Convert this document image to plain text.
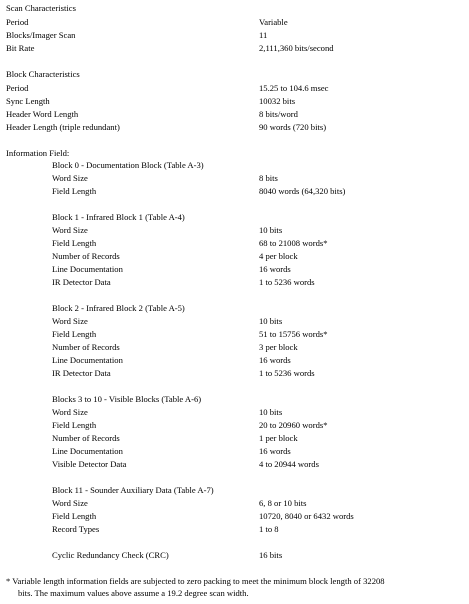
Scan Characteristics
Period	Variable
Blocks/Imager Scan	11
Bit Rate	2,111,360 bits/second
Block Characteristics
Period	15.25 to 104.6 msec
Sync Length	10032 bits
Header Word Length	8 bits/word
Header Length (triple redundant)	90 words (720 bits)
Information Field:
Block 0 - Documentation Block (Table A-3)
Word Size	8 bits
Field Length	8040 words (64,320 bits)
Block 1 - Infrared Block 1 (Table A-4)
Word Size	10 bits
Field Length	68 to 21008 words*
Number of Records	4 per block
Line Documentation	16 words
IR Detector Data	1 to 5236 words
Block 2 - Infrared Block 2 (Table A-5)
Word Size	10 bits
Field Length	51 to 15756 words*
Number of Records	3 per block
Line Documentation	16 words
IR Detector Data	1 to 5236 words
Blocks 3 to 10 - Visible Blocks (Table A-6)
Word Size	10 bits
Field Length	20 to 20960 words*
Number of Records	1 per block
Line Documentation	16 words
Visible Detector Data	4 to 20944 words
Block 11 - Sounder Auxiliary Data (Table A-7)
Word Size	6, 8 or 10 bits
Field Length	10720, 8040 or 6432 words
Record Types	1 to 8
Cyclic Redundancy Check (CRC)	16 bits
* Variable length information fields are subjected to zero packing to meet the minimum block length of 32208
bits. The maximum values above assume a 19.2 degree scan width.
